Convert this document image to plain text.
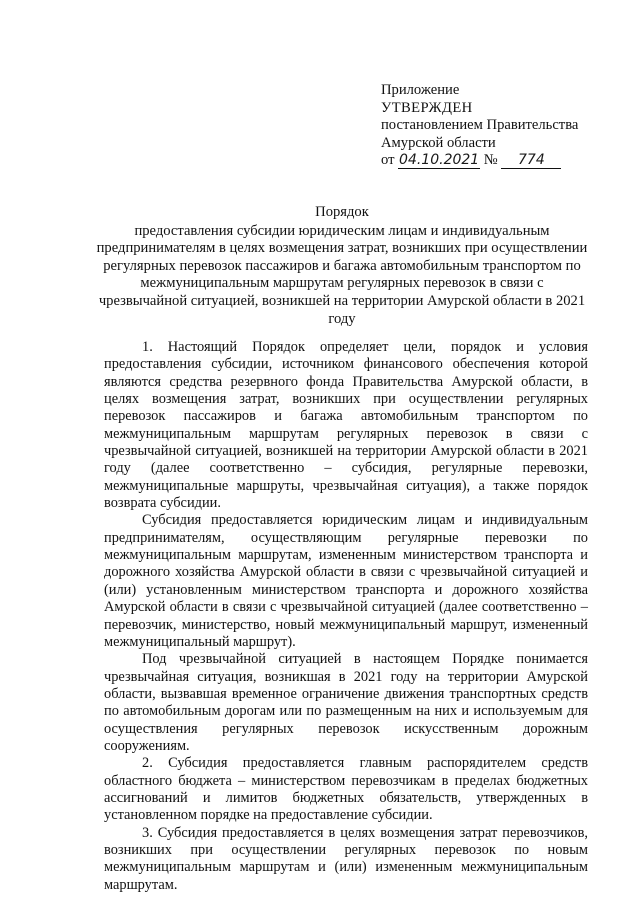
Приложение
УТВЕРЖДЕН
постановлением Правительства
Амурской области
от 04.10.2021 № 774
Порядок
предоставления субсидии юридическим лицам и индивидуальным
предпринимателям в целях возмещения затрат, возникших при осуществлении
регулярных перевозок пассажиров и багажа автомобильным транспортом по
межмуниципальным маршрутам регулярных перевозок в связи с
чрезвычайной ситуацией, возникшей на территории Амурской области в 2021
году

1. Настоящий Порядок определяет цели, порядок и условия предоставления субсидии, источником финансового обеспечения которой являются средства резервного фонда Правительства Амурской области, в целях возмещения затрат, возникших при осуществлении регулярных перевозок пассажиров и багажа автомобильным транспортом по межмуниципальным маршрутам регулярных перевозок в связи с чрезвычайной ситуацией, возникшей на территории Амурской области в 2021 году (далее соответственно – субсидия, регулярные перевозки, межмуниципальные маршруты, чрезвычайная ситуация), а также порядок возврата субсидии.

Субсидия предоставляется юридическим лицам и индивидуальным предпринимателям, осуществляющим регулярные перевозки по межмуниципальным маршрутам, измененным министерством транспорта и дорожного хозяйства Амурской области в связи с чрезвычайной ситуацией и (или) установленным министерством транспорта и дорожного хозяйства Амурской области в связи с чрезвычайной ситуацией (далее соответственно – перевозчик, министерство, новый межмуниципальный маршрут, измененный межмуниципальный маршрут).

Под чрезвычайной ситуацией в настоящем Порядке понимается чрезвычайная ситуация, возникшая в 2021 году на территории Амурской области, вызвавшая временное ограничение движения транспортных средств по автомобильным дорогам или по размещенным на них и используемым для осуществления регулярных перевозок искусственным дорожным сооружениям.

2. Субсидия предоставляется главным распорядителем средств областного бюджета – министерством перевозчикам в пределах бюджетных ассигнований и лимитов бюджетных обязательств, утвержденных в установленном порядке на предоставление субсидии.

3. Субсидия предоставляется в целях возмещения затрат перевозчиков, возникших при осуществлении регулярных перевозок по новым межмуниципальным маршрутам и (или) измененным межмуниципальным маршрутам.
